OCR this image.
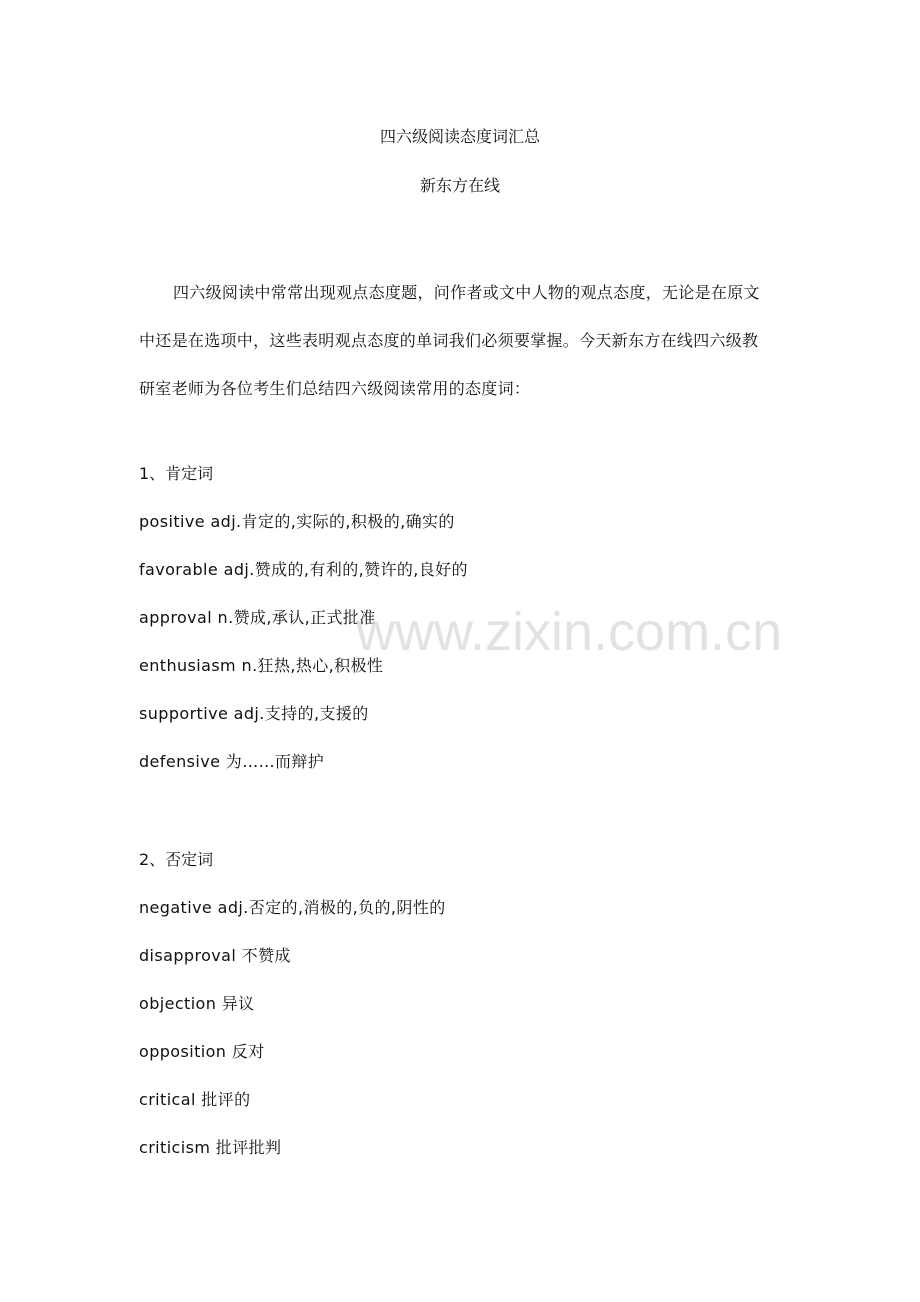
四六级阅读态度词汇总
新东方在线

四六级阅读中常常出现观点态度题，问作者或文中人物的观点态度，无论是在原文中还是在选项中，这些表明观点态度的单词我们必须要掌握。今天新东方在线四六级教研室老师为各位考生们总结四六级阅读常用的态度词：

1、肯定词
positive adj.肯定的,实际的,积极的,确实的
favorable adj.赞成的,有利的,赞许的,良好的
approval n.赞成,承认,正式批准
enthusiasm n.狂热,热心,积极性
supportive adj.支持的,支援的
defensive 为……而辩护
2、否定词
negative adj.否定的,消极的,负的,阴性的
disapproval 不赞成
objection 异议
opposition 反对
critical 批评的
criticism 批评批判
www.zixin.com.cn
